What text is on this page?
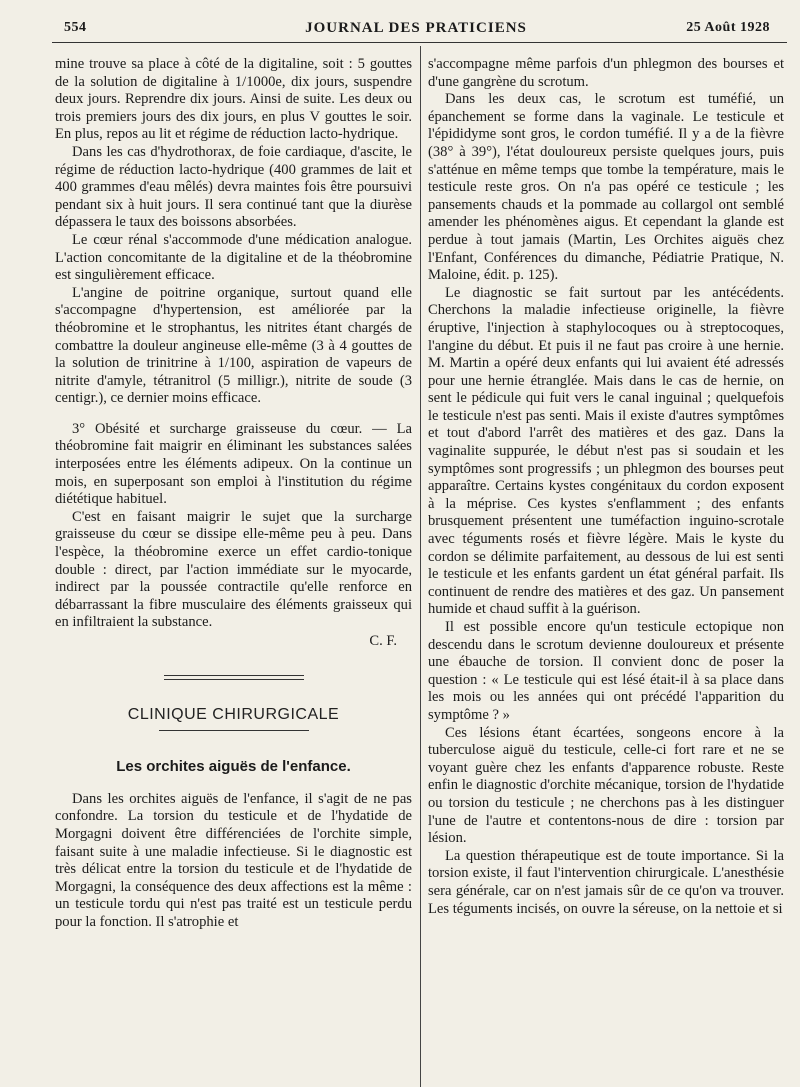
554	JOURNAL DES PRATICIENS	25 Août 1928

mine trouve sa place à côté de la digitaline, soit : 5 gouttes de la solution de digitaline à 1/1000e, dix jours, suspendre deux jours. Reprendre dix jours. Ainsi de suite. Les deux ou trois premiers jours des dix jours, en plus V gouttes le soir. En plus, repos au lit et régime de réduction lacto-hydrique.

Dans les cas d'hydrothorax, de foie cardiaque, d'ascite, le régime de réduction lacto-hydrique (400 grammes de lait et 400 grammes d'eau mêlés) devra maintes fois être poursuivi pendant six à huit jours. Il sera continué tant que la diurèse dépassera le taux des boissons absorbées.

Le cœur rénal s'accommode d'une médication analogue. L'action concomitante de la digitaline et de la théobromine est singulièrement efficace.

L'angine de poitrine organique, surtout quand elle s'accompagne d'hypertension, est améliorée par la théobromine et le strophantus, les nitrites étant chargés de combattre la douleur angineuse elle-même (3 à 4 gouttes de la solution de trinitrine à 1/100, aspiration de vapeurs de nitrite d'amyle, tétranitrol (5 milligr.), nitrite de soude (3 centigr.), ce dernier moins efficace.

3° Obésité et surcharge graisseuse du cœur. — La théobromine fait maigrir en éliminant les substances salées interposées entre les éléments adipeux. On la continue un mois, en superposant son emploi à l'institution du régime diététique habituel.

C'est en faisant maigrir le sujet que la surcharge graisseuse du cœur se dissipe elle-même peu à peu. Dans l'espèce, la théobromine exerce un effet cardio-tonique double : direct, par l'action immédiate sur le myocarde, indirect par la poussée contractile qu'elle renforce en débarrassant la fibre musculaire des éléments graisseux qui en infiltraient la substance.

C. F.
CLINIQUE CHIRURGICALE
Les orchites aiguës de l'enfance.

Dans les orchites aiguës de l'enfance, il s'agit de ne pas confondre. La torsion du testicule et de l'hydatide de Morgagni doivent être différenciées de l'orchite simple, faisant suite à une maladie infectieuse. Si le diagnostic est très délicat entre la torsion du testicule et de l'hydatide de Morgagni, la conséquence des deux affections est la même : un testicule tordu qui n'est pas traité est un testicule perdu pour la fonction. Il s'atrophie et

s'accompagne même parfois d'un phlegmon des bourses et d'une gangrène du scrotum.

Dans les deux cas, le scrotum est tuméfié, un épanchement se forme dans la vaginale. Le testicule et l'épididyme sont gros, le cordon tuméfié. Il y a de la fièvre (38° à 39°), l'état douloureux persiste quelques jours, puis s'atténue en même temps que tombe la température, mais le testicule reste gros. On n'a pas opéré ce testicule ; les pansements chauds et la pommade au collargol ont semblé amender les phénomènes aigus. Et cependant la glande est perdue à tout jamais (Martin, Les Orchites aiguës chez l'Enfant, Conférences du dimanche, Pédiatrie Pratique, N. Maloine, édit. p. 125).

Le diagnostic se fait surtout par les antécédents. Cherchons la maladie infectieuse originelle, la fièvre éruptive, l'injection à staphylocoques ou à streptocoques, l'angine du début. Et puis il ne faut pas croire à une hernie. M. Martin a opéré deux enfants qui lui avaient été adressés pour une hernie étranglée. Mais dans le cas de hernie, on sent le pédicule qui fuit vers le canal inguinal ; quelquefois le testicule n'est pas senti. Mais il existe d'autres symptômes et tout d'abord l'arrêt des matières et des gaz. Dans la vaginalite suppurée, le début n'est pas si soudain et les symptômes sont progressifs ; un phlegmon des bourses peut apparaître. Certains kystes congénitaux du cordon exposent à la méprise. Ces kystes s'enflamment ; des enfants brusquement présentent une tuméfaction inguino-scrotale avec téguments rosés et fièvre légère. Mais le kyste du cordon se délimite parfaitement, au dessous de lui est senti le testicule et les enfants gardent un état général parfait. Ils continuent de rendre des matières et des gaz. Un pansement humide et chaud suffit à la guérison.

Il est possible encore qu'un testicule ectopique non descendu dans le scrotum devienne douloureux et présente une ébauche de torsion. Il convient donc de poser la question : « Le testicule qui est lésé était-il à sa place dans les mois ou les années qui ont précédé l'apparition du symptôme ? »

Ces lésions étant écartées, songeons encore à la tuberculose aiguë du testicule, celle-ci fort rare et ne se voyant guère chez les enfants d'apparence robuste. Reste enfin le diagnostic d'orchite mécanique, torsion de l'hydatide ou torsion du testicule ; ne cherchons pas à les distinguer l'une de l'autre et contentons-nous de dire : torsion par lésion.

La question thérapeutique est de toute importance. Si la torsion existe, il faut l'intervention chirurgicale. L'anesthésie sera générale, car on n'est jamais sûr de ce qu'on va trouver. Les téguments incisés, on ouvre la séreuse, on la nettoie et si
